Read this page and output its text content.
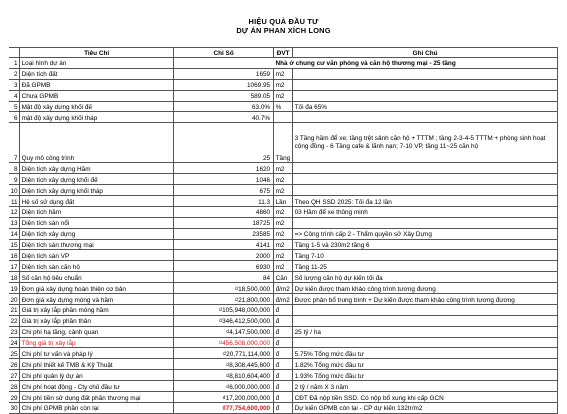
HIỆU QUẢ ĐẦU TƯ
DỰ ÁN PHAN XÍCH LONG
	Tiêu Chí	Chỉ Số	ĐVT	Ghi Chú
1	Loại hình dự án	Nhà ở chung cư văn phòng và căn hộ thương mại - 25 tầng		
2	Diện tích đất	1659	m2	
3	Đã GPMB	1069.95	m2	
4	Chưa GPMB	589.05	m2	
5	Mật độ xây dựng khối đế	63.0%	%	Tối đa 65%
6	mật độ xây dựng khối tháp	40.7%		
7	Quy mô công trình	25	Tầng	3 Tầng hầm để xe; tầng trệt sảnh căn hộ + TTTM ; tầng 2-3-4-5 TTTM + phòng sinh hoạt cộng đồng - 6 Tầng cafe & lãnh nạn; 7-10 VP, tầng 11~25 căn hộ
8	Diện tích xây dựng Hầm	1620	m2	
9	Diện tích xây dựng khối đế	1046	m2	
10	Diện tích xây dựng khối tháp	675	m2	
11	Hệ số sử dụng đất	11.3	Lần	Theo QH SSD 2025: Tối đa 12 lần
12	Diện tích hầm	4860	m2	03 Hầm để xe thông minh
13	Diện tích sàn nổi	18725	m2	
14	Diện tích xây dựng	23585	m2	=> Công trình cấp 2 - Thẩm quyền sở Xây Dựng
15	Diện tích sàn thương mại	4141	m2	Tầng 1-5 và 230m2 tầng 6
16	Diện tích sàn VP	2000	m2	Tầng 7-10
17	Diện tích sàn căn hộ	6930	m2	Tầng 11-25
18	Số căn hộ tiêu chuẩn	84	Căn	Số lượng căn hộ dự kiến tối đa
19	Đơn giá xây dựng hoàn thiện cơ bản	₫18,500,000	đ/m2	Dự kiến được tham khảo công trình tương đương
20	Đơn giá xây dựng móng và hầm	₫21,800,000	đ/m2	Được phân bổ trung bình + Dự kiến được tham khảo công trình tương đương
21	Giá trị xây lắp phần móng hầm	₫105,948,000,000	đ	
22	Giá trị xây lắp phần thân	₫346,412,500,000	đ	
23	Chi phí hạ tầng, cảnh quan	₫4,147,500,000	đ	25 tỷ / ha
24	Tổng giá trị xây lắp	₫456,508,000,000	đ	
25	Chi phí tư vấn và pháp lý	₫20,771,114,000	đ	5.75% Tổng mức đầu tư
26	Chi phí thiết kế TMB & Kỹ Thuật	₫8,308,445,600	đ	1.82% Tổng mức đầu tư
27	Chi phí quản lý dự án	₫8,810,604,400	đ	1.93% Tổng mức đầu tư
28	Chi phí hoạt động - Cty chủ đầu tư	₫6,000,000,000	đ	2 tỷ / năm X 3 năm
29	Chi phí tiền sử dụng đất phần thương mại	₫17,200,000,000	đ	CĐT Đã nộp tiền SSD. Có nộp bổ xung khi cấp GCN
30	Chi phí GPMB phần còn lại	₫77,754,600,000	đ	Dự kiến GPMB còn lại - CP dự kiến 132tr/m2
